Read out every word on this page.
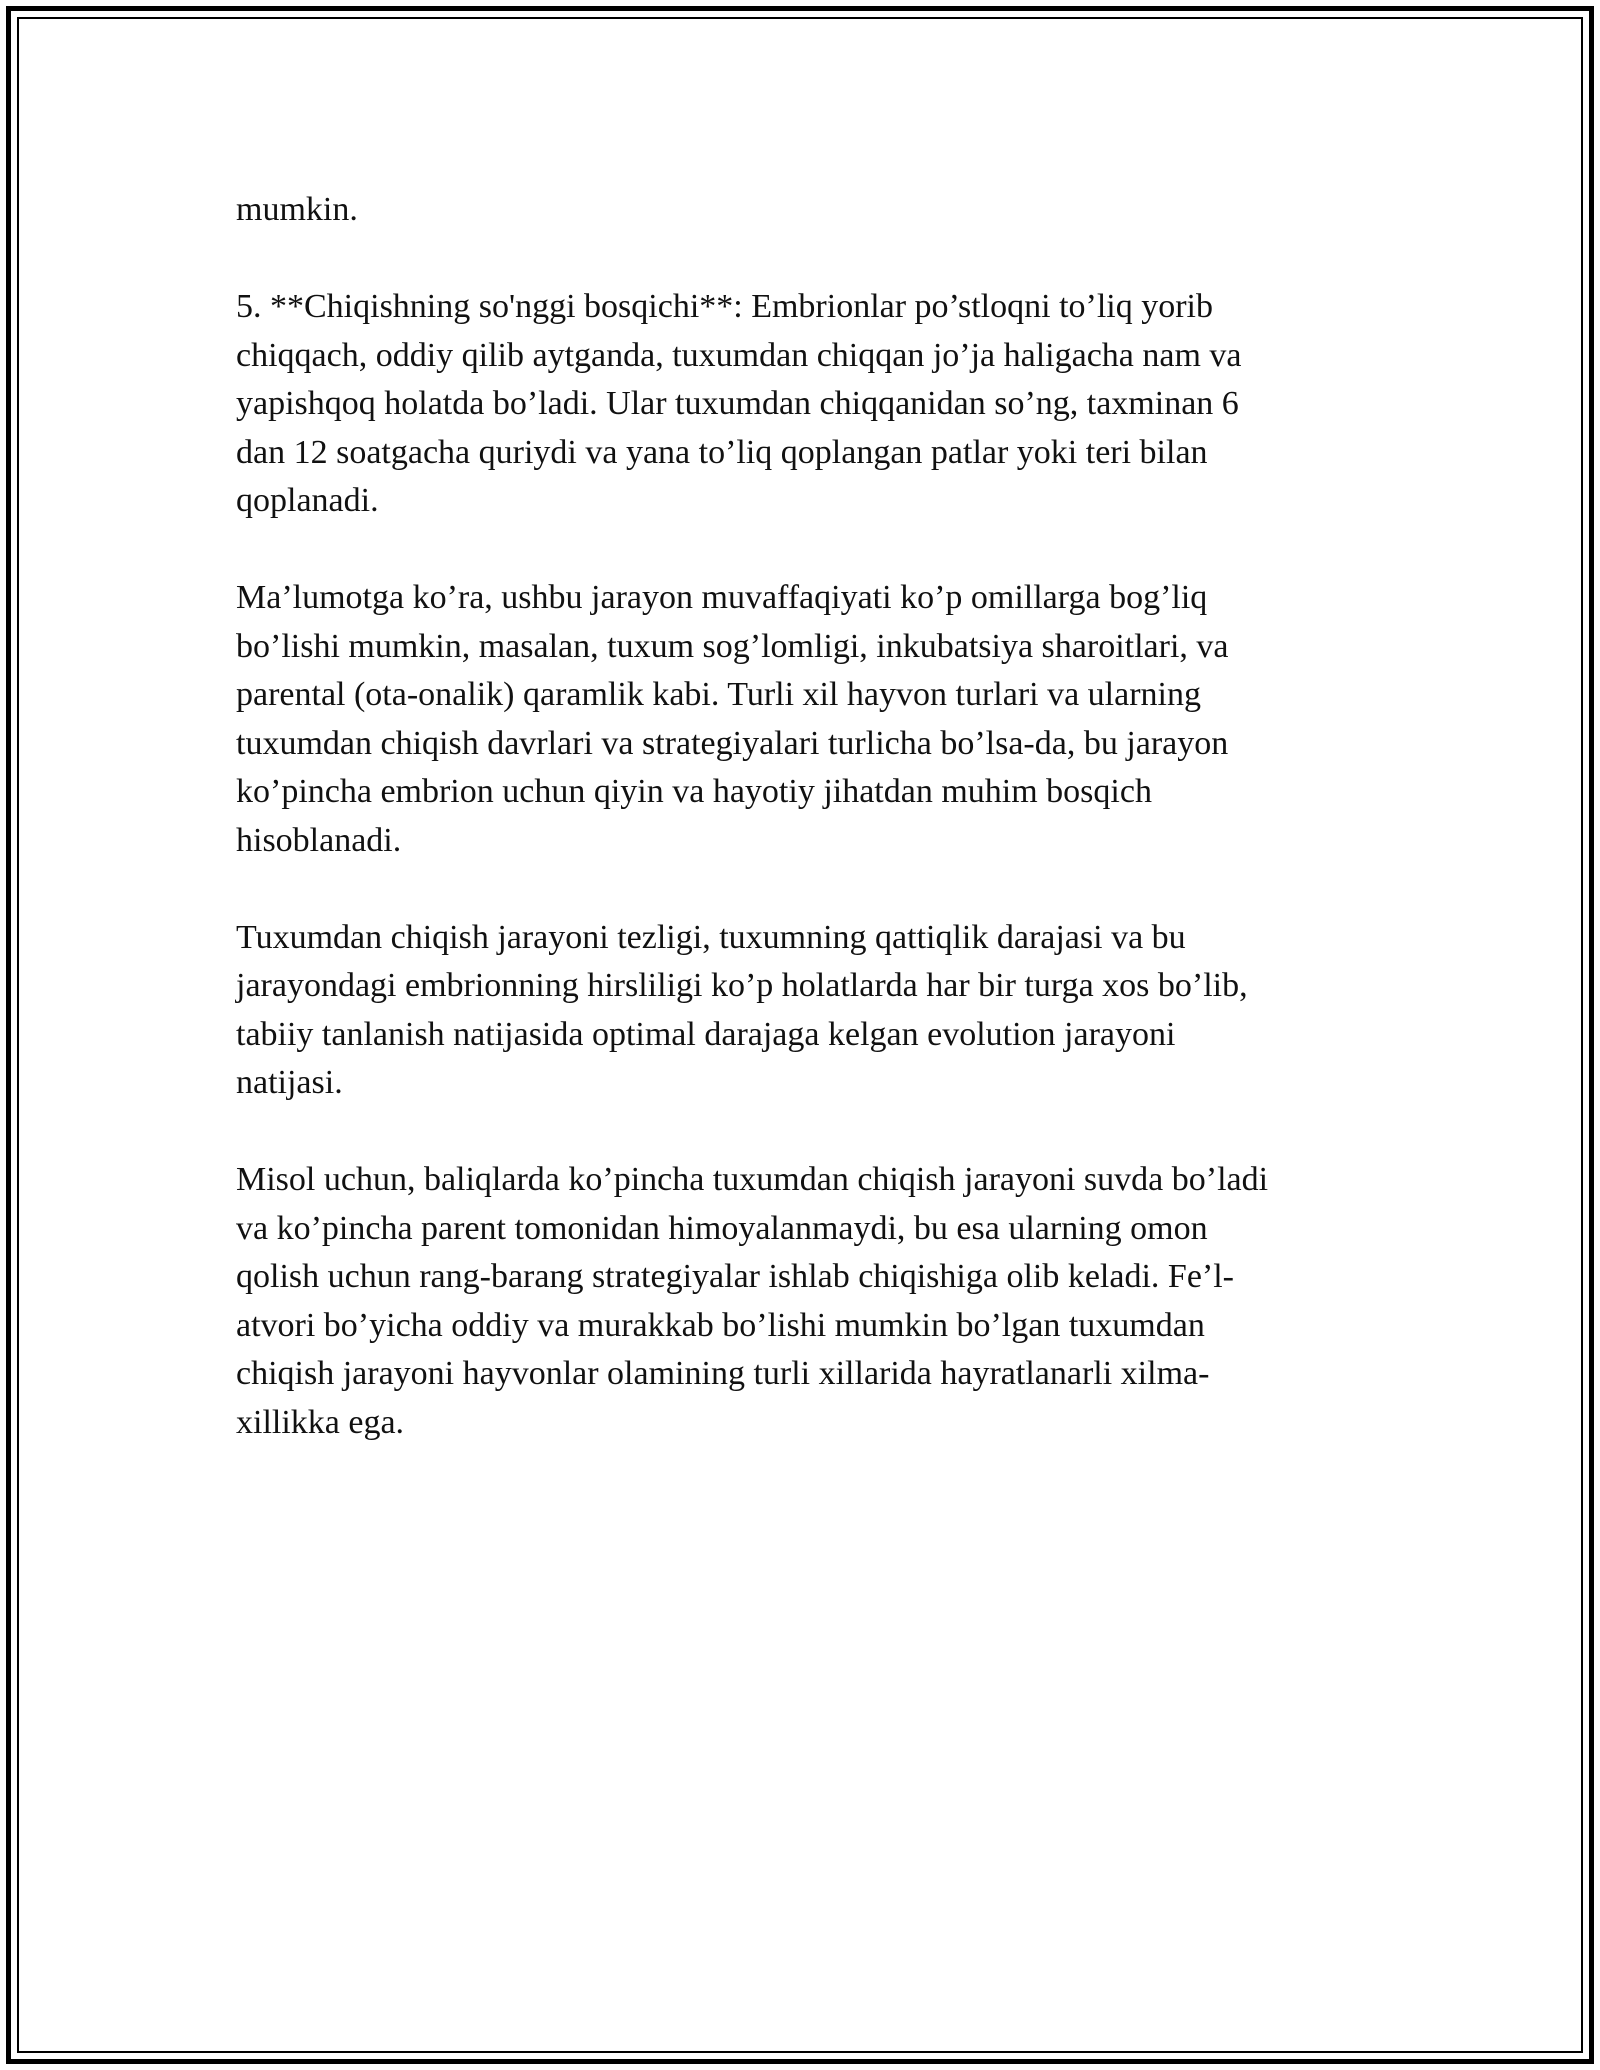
mumkin.

5. **Chiqishning so'nggi bosqichi**: Embrionlar po’stloqni to’liq yorib
chiqqach, oddiy qilib aytganda, tuxumdan chiqqan jo’ja haligacha nam va
yapishqoq holatda bo’ladi. Ular tuxumdan chiqqanidan so’ng, taxminan 6
dan 12 soatgacha quriydi va yana to’liq qoplangan patlar yoki teri bilan
qoplanadi.

Ma’lumotga ko’ra, ushbu jarayon muvaffaqiyati ko’p omillarga bog’liq
bo’lishi mumkin, masalan, tuxum sog’lomligi, inkubatsiya sharoitlari, va
parental (ota-onalik) qaramlik kabi. Turli xil hayvon turlari va ularning
tuxumdan chiqish davrlari va strategiyalari turlicha bo’lsa-da, bu jarayon
ko’pincha embrion uchun qiyin va hayotiy jihatdan muhim bosqich
hisoblanadi.

Tuxumdan chiqish jarayoni tezligi, tuxumning qattiqlik darajasi va bu
jarayondagi embrionning hirsliligi ko’p holatlarda har bir turga xos bo’lib,
tabiiy tanlanish natijasida optimal darajaga kelgan evolution jarayoni
natijasi.

Misol uchun, baliqlarda ko’pincha tuxumdan chiqish jarayoni suvda bo’ladi
va ko’pincha parent tomonidan himoyalanmaydi, bu esa ularning omon
qolish uchun rang-barang strategiyalar ishlab chiqishiga olib keladi. Fe’l-
atvori bo’yicha oddiy va murakkab bo’lishi mumkin bo’lgan tuxumdan
chiqish jarayoni hayvonlar olamining turli xillarida hayratlanarli xilma-
xillikka ega.
